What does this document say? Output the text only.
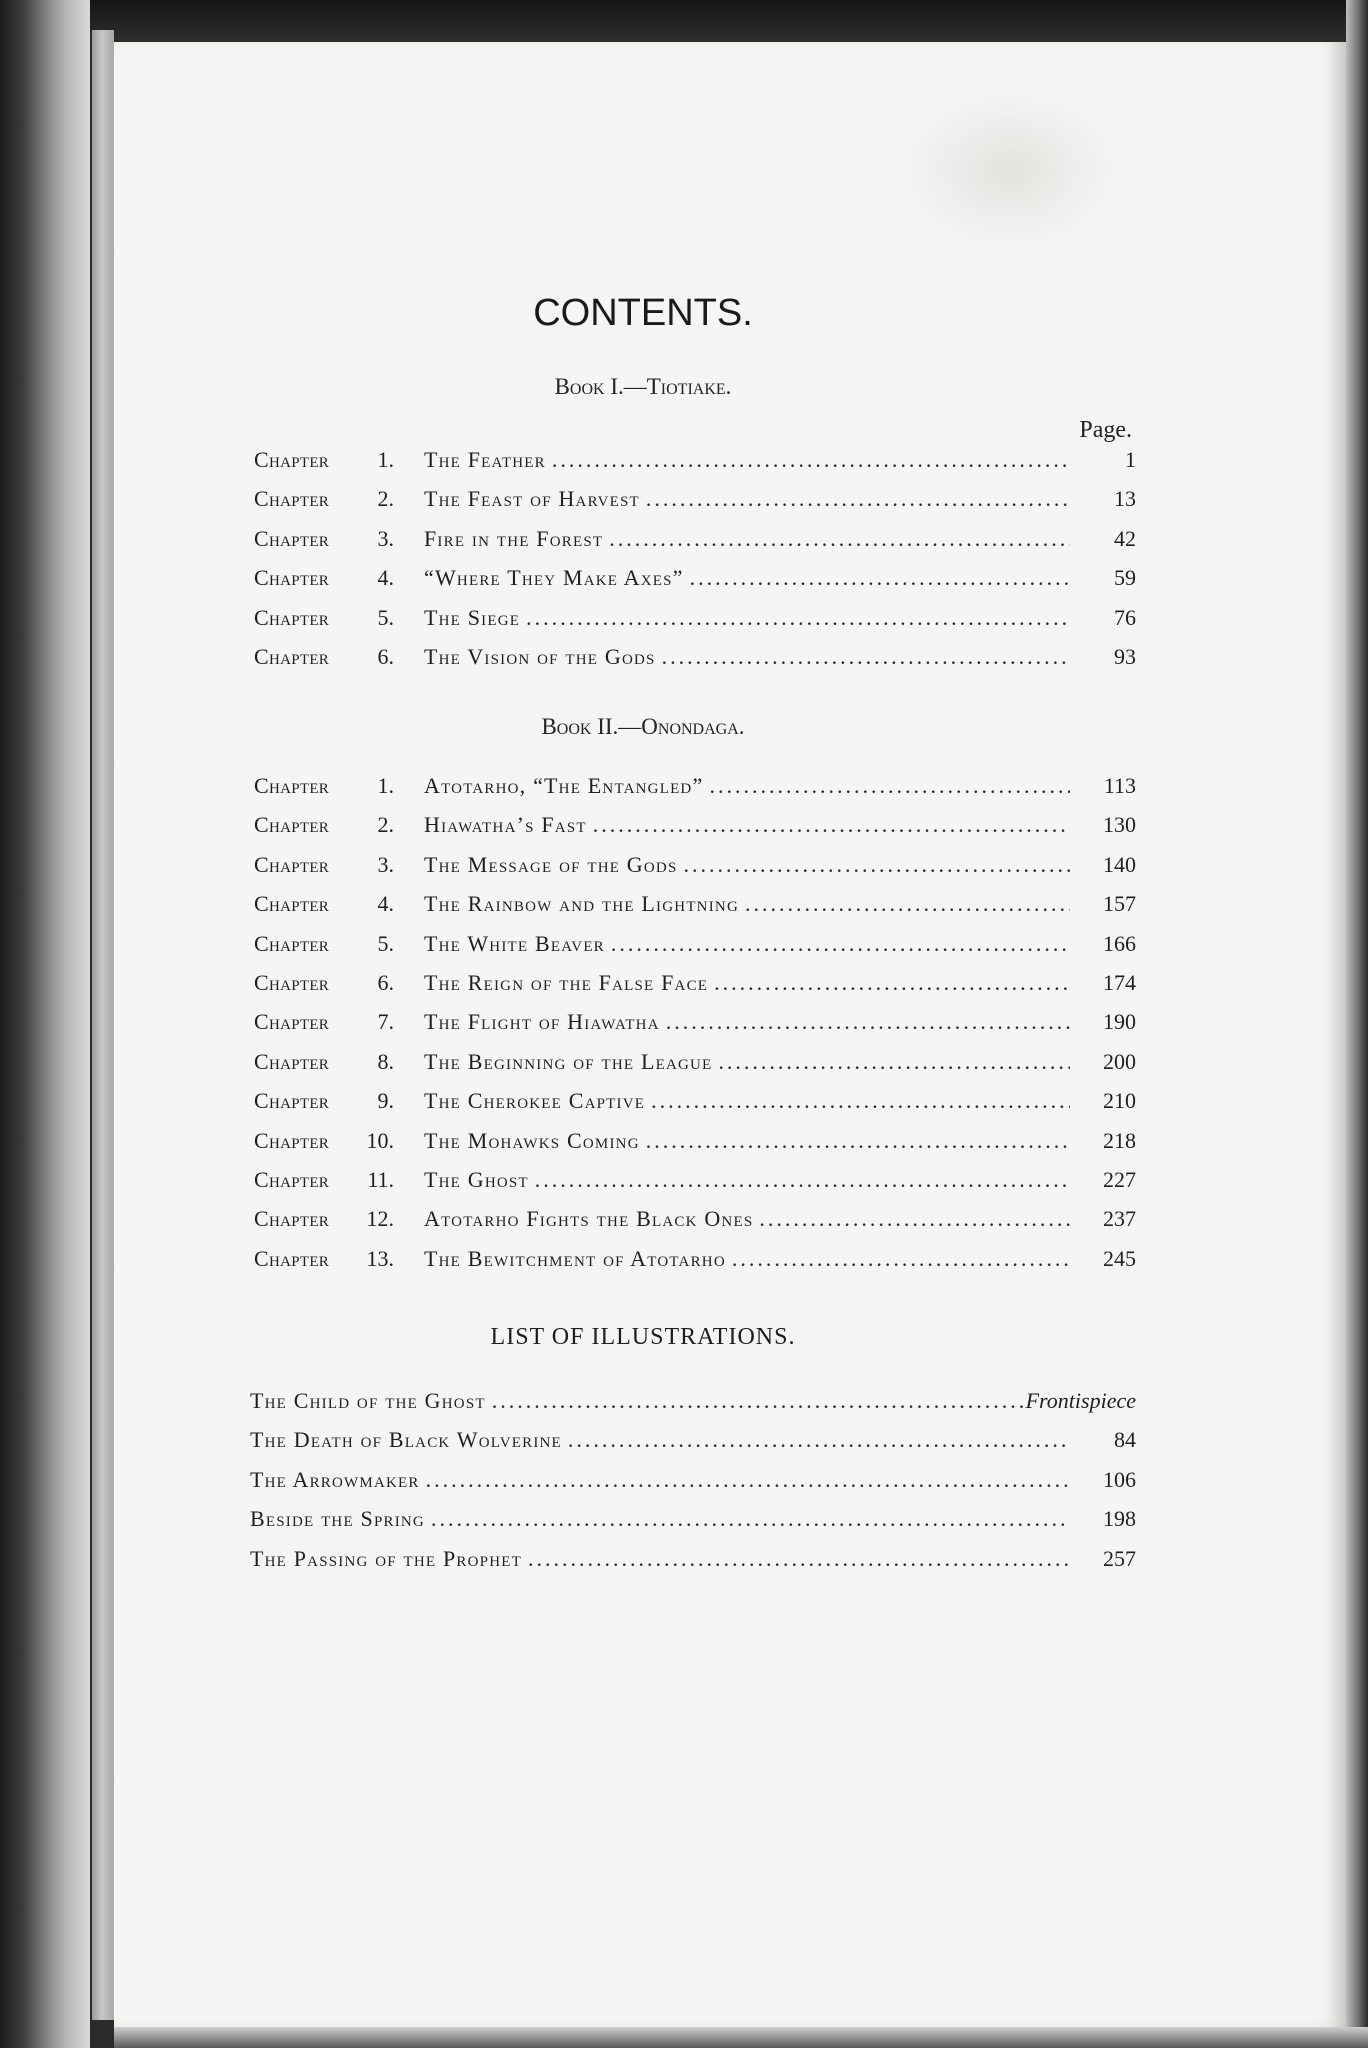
CONTENTS.
Book I.—Tiotiake.
Page.
Chapter	1. The Feather .....	1
Chapter	2. The Feast of Harvest .....	13
Chapter	3. Fire in the Forest .....	42
Chapter	4. “Where They Make Axes” .....	59
Chapter	5. The Siege .....	76
Chapter	6. The Vision of the Gods .....	93
Book II.—Onondaga.
Chapter	1. Atotarho, “The Entangled” .....	113
Chapter	2. Hiawatha’s Fast .....	130
Chapter	3. The Message of the Gods .....	140
Chapter	4. The Rainbow and the Lightning .....	157
Chapter	5. The White Beaver .....	166
Chapter	6. The Reign of the False Face .....	174
Chapter	7. The Flight of Hiawatha .....	190
Chapter	8. The Beginning of the League .....	200
Chapter	9. The Cherokee Captive .....	210
Chapter	10. The Mohawks Coming .....	218
Chapter	11. The Ghost .....	227
Chapter	12. Atotarho Fights the Black Ones .....	237
Chapter	13. The Bewitchment of Atotarho .....	245
LIST OF ILLUSTRATIONS.
The Child of the Ghost .....	Frontispiece
The Death of Black Wolverine .....	84
The Arrowmaker .....	106
Beside the Spring .....	198
The Passing of the Prophet .....	257
